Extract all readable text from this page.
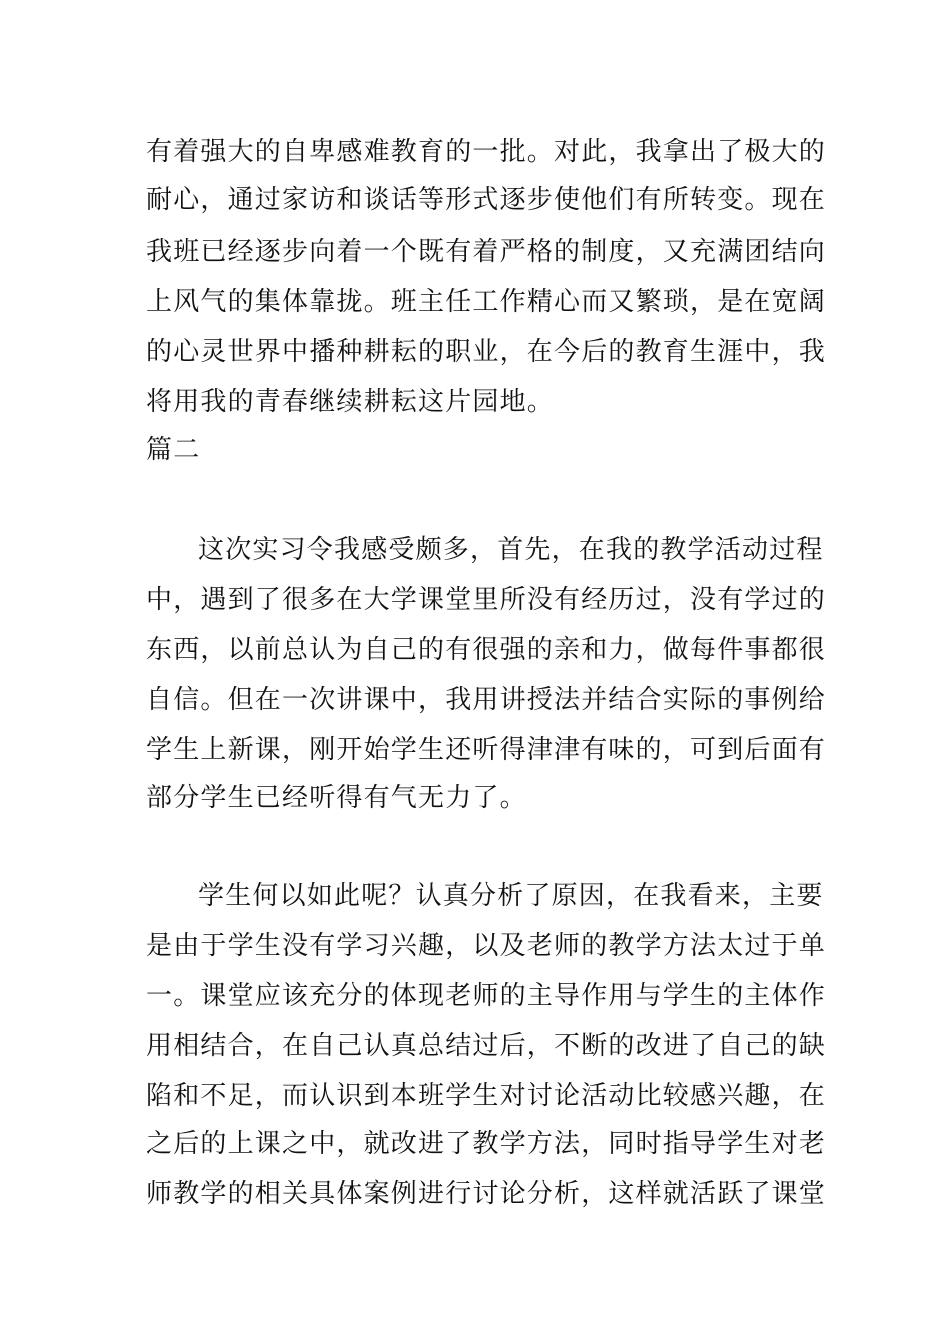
有着强大的自卑感难教育的一批。对此，我拿出了极大的
耐心，通过家访和谈话等形式逐步使他们有所转变。现在
我班已经逐步向着一个既有着严格的制度，又充满团结向
上风气的集体靠拢。班主任工作精心而又繁琐，是在宽阔
的心灵世界中播种耕耘的职业，在今后的教育生涯中，我
将用我的青春继续耕耘这片园地。
篇二
这次实习令我感受颇多，首先，在我的教学活动过程
中，遇到了很多在大学课堂里所没有经历过，没有学过的
东西，以前总认为自己的有很强的亲和力，做每件事都很
自信。但在一次讲课中，我用讲授法并结合实际的事例给
学生上新课，刚开始学生还听得津津有味的，可到后面有
部分学生已经听得有气无力了。
学生何以如此呢？认真分析了原因，在我看来，主要
是由于学生没有学习兴趣，以及老师的教学方法太过于单
一。课堂应该充分的体现老师的主导作用与学生的主体作
用相结合，在自己认真总结过后，不断的改进了自己的缺
陷和不足，而认识到本班学生对讨论活动比较感兴趣，在
之后的上课之中，就改进了教学方法，同时指导学生对老
师教学的相关具体案例进行讨论分析，这样就活跃了课堂
